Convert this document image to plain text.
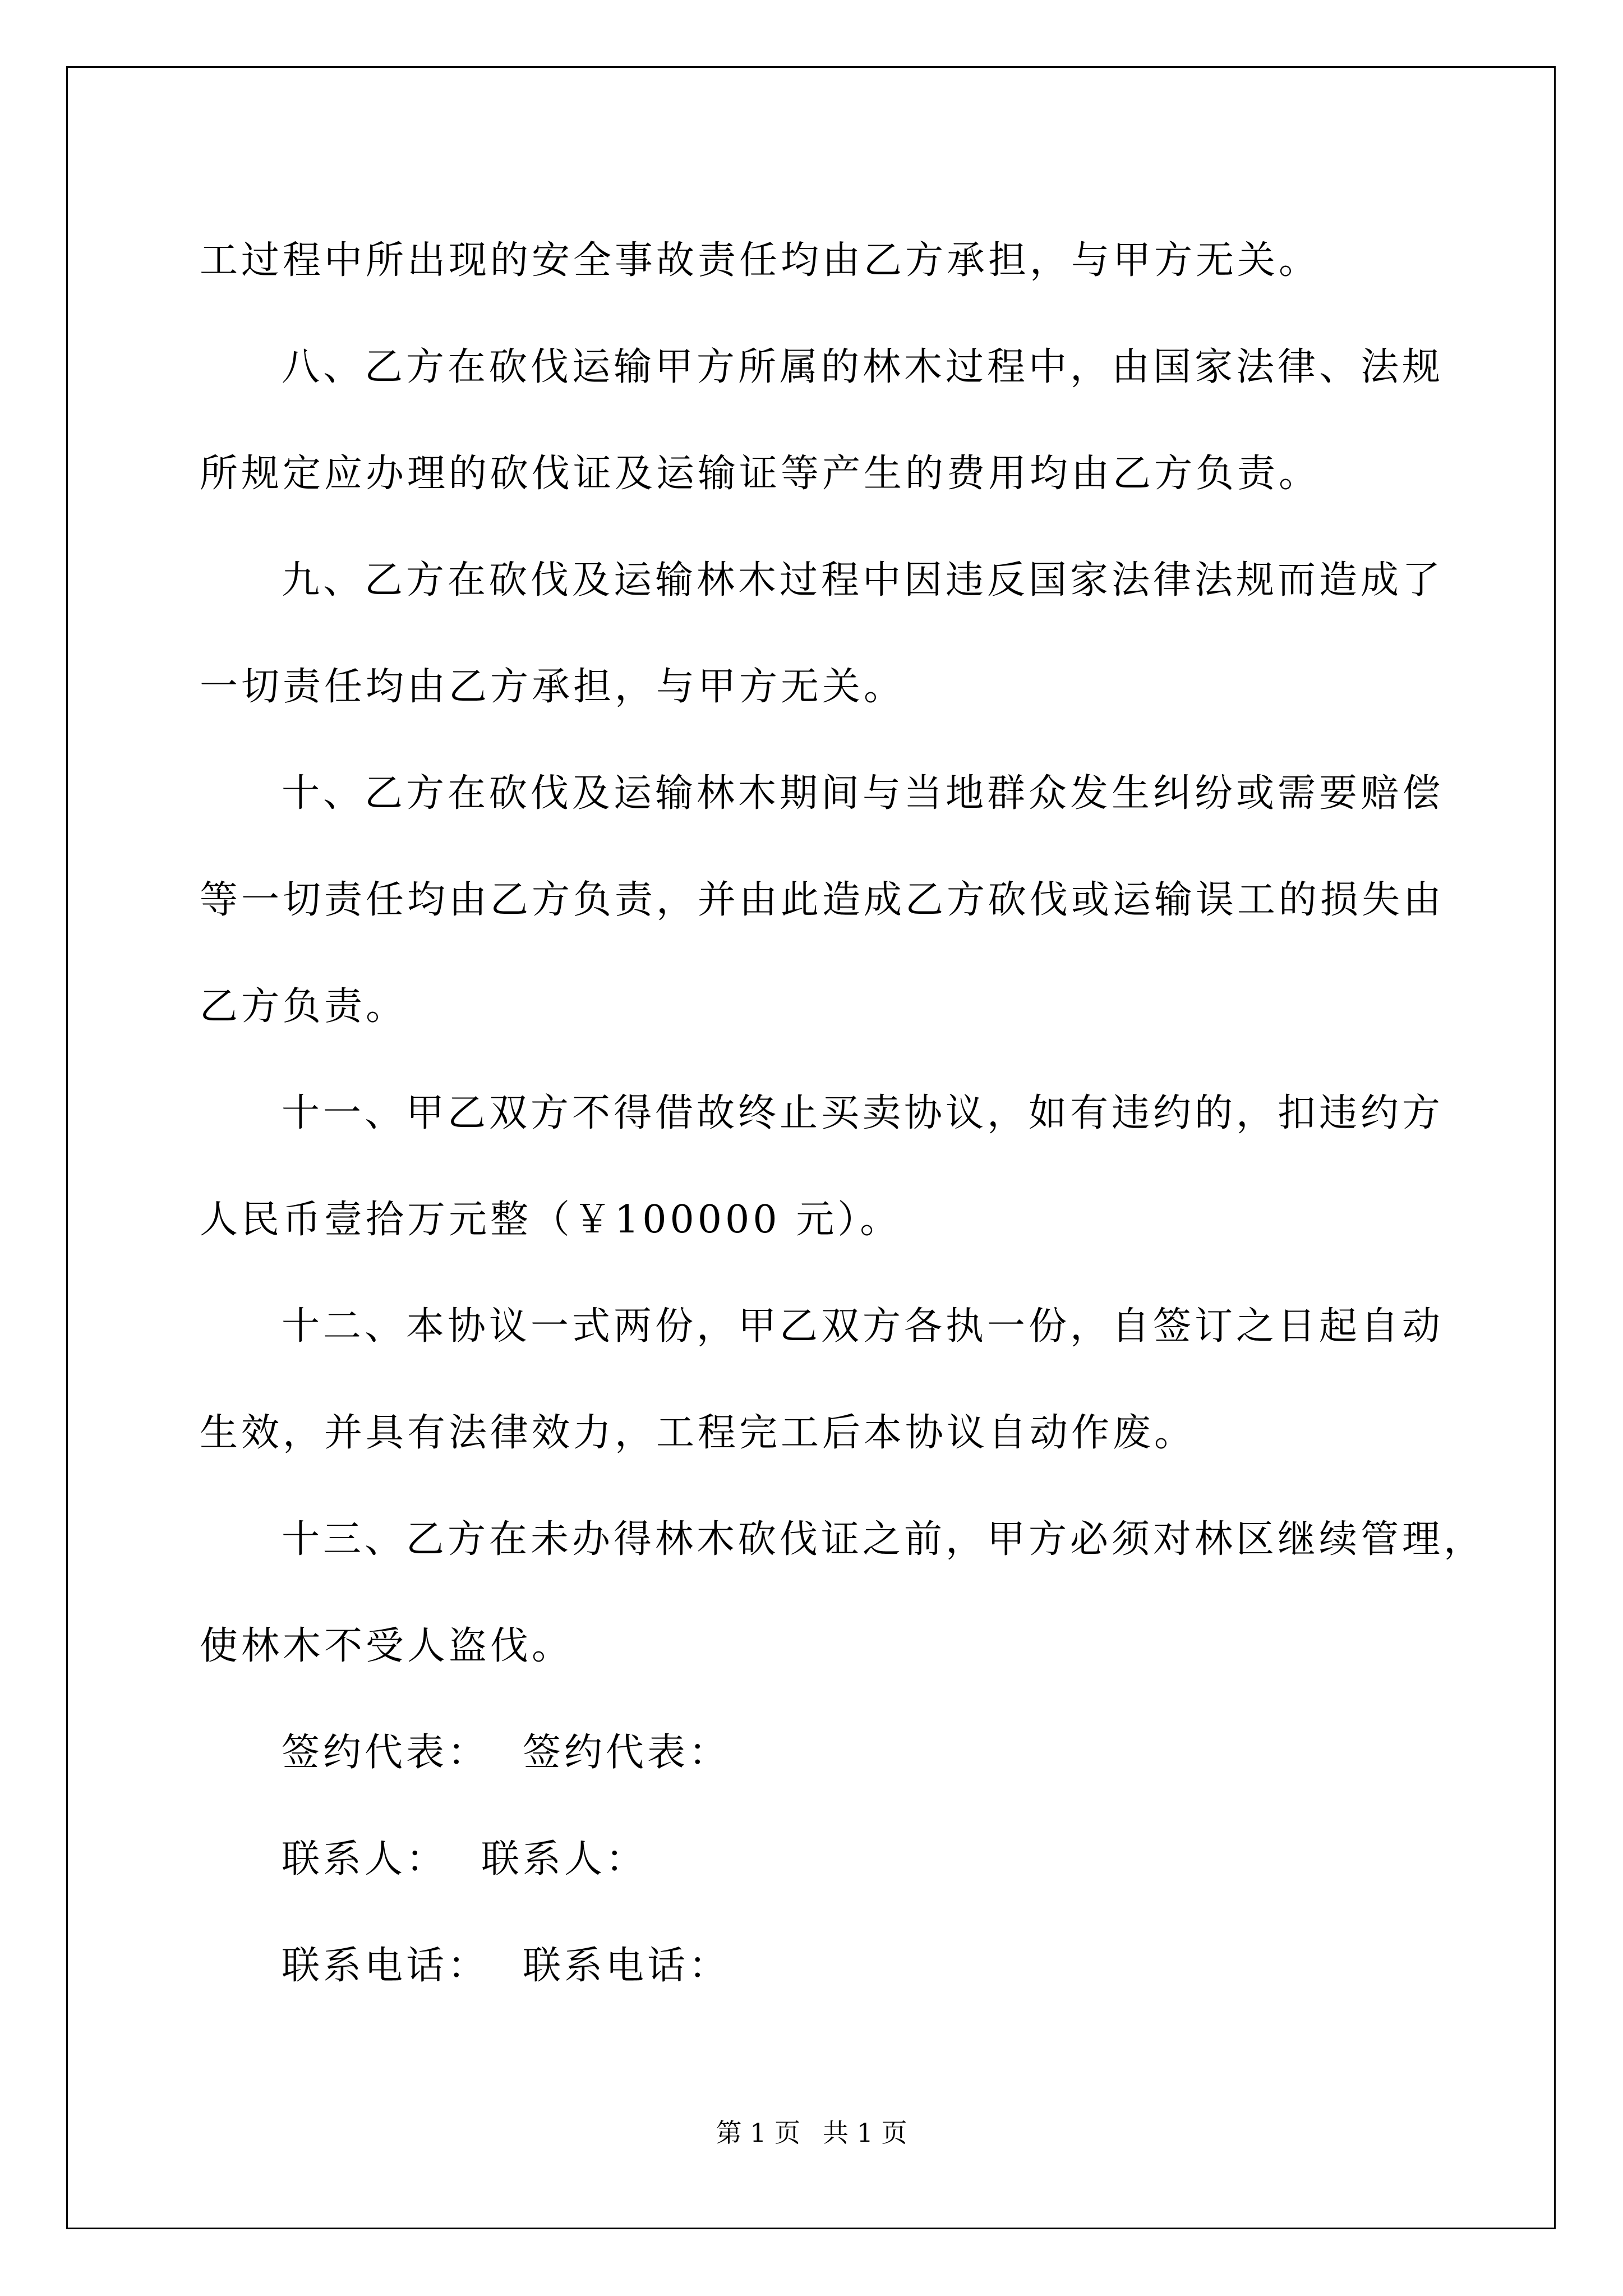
工过程中所出现的安全事故责任均由乙方承担，与甲方无关。

八、乙方在砍伐运输甲方所属的林木过程中，由国家法律、法规

所规定应办理的砍伐证及运输证等产生的费用均由乙方负责。

九、乙方在砍伐及运输林木过程中因违反国家法律法规而造成了

一切责任均由乙方承担，与甲方无关。

十、乙方在砍伐及运输林木期间与当地群众发生纠纷或需要赔偿

等一切责任均由乙方负责，并由此造成乙方砍伐或运输误工的损失由

乙方负责。

十一、甲乙双方不得借故终止买卖协议，如有违约的，扣违约方

人民币壹拾万元整（￥100000 元）。

十二、本协议一式两份，甲乙双方各执一份，自签订之日起自动

生效，并具有法律效力，工程完工后本协议自动作废。

十三、乙方在未办得林木砍伐证之前，甲方必须对林区继续管理，

使林木不受人盗伐。

签约代表： 签约代表：
联系人： 联系人：
联系电话： 联系电话：
第 1 页 共 1 页
